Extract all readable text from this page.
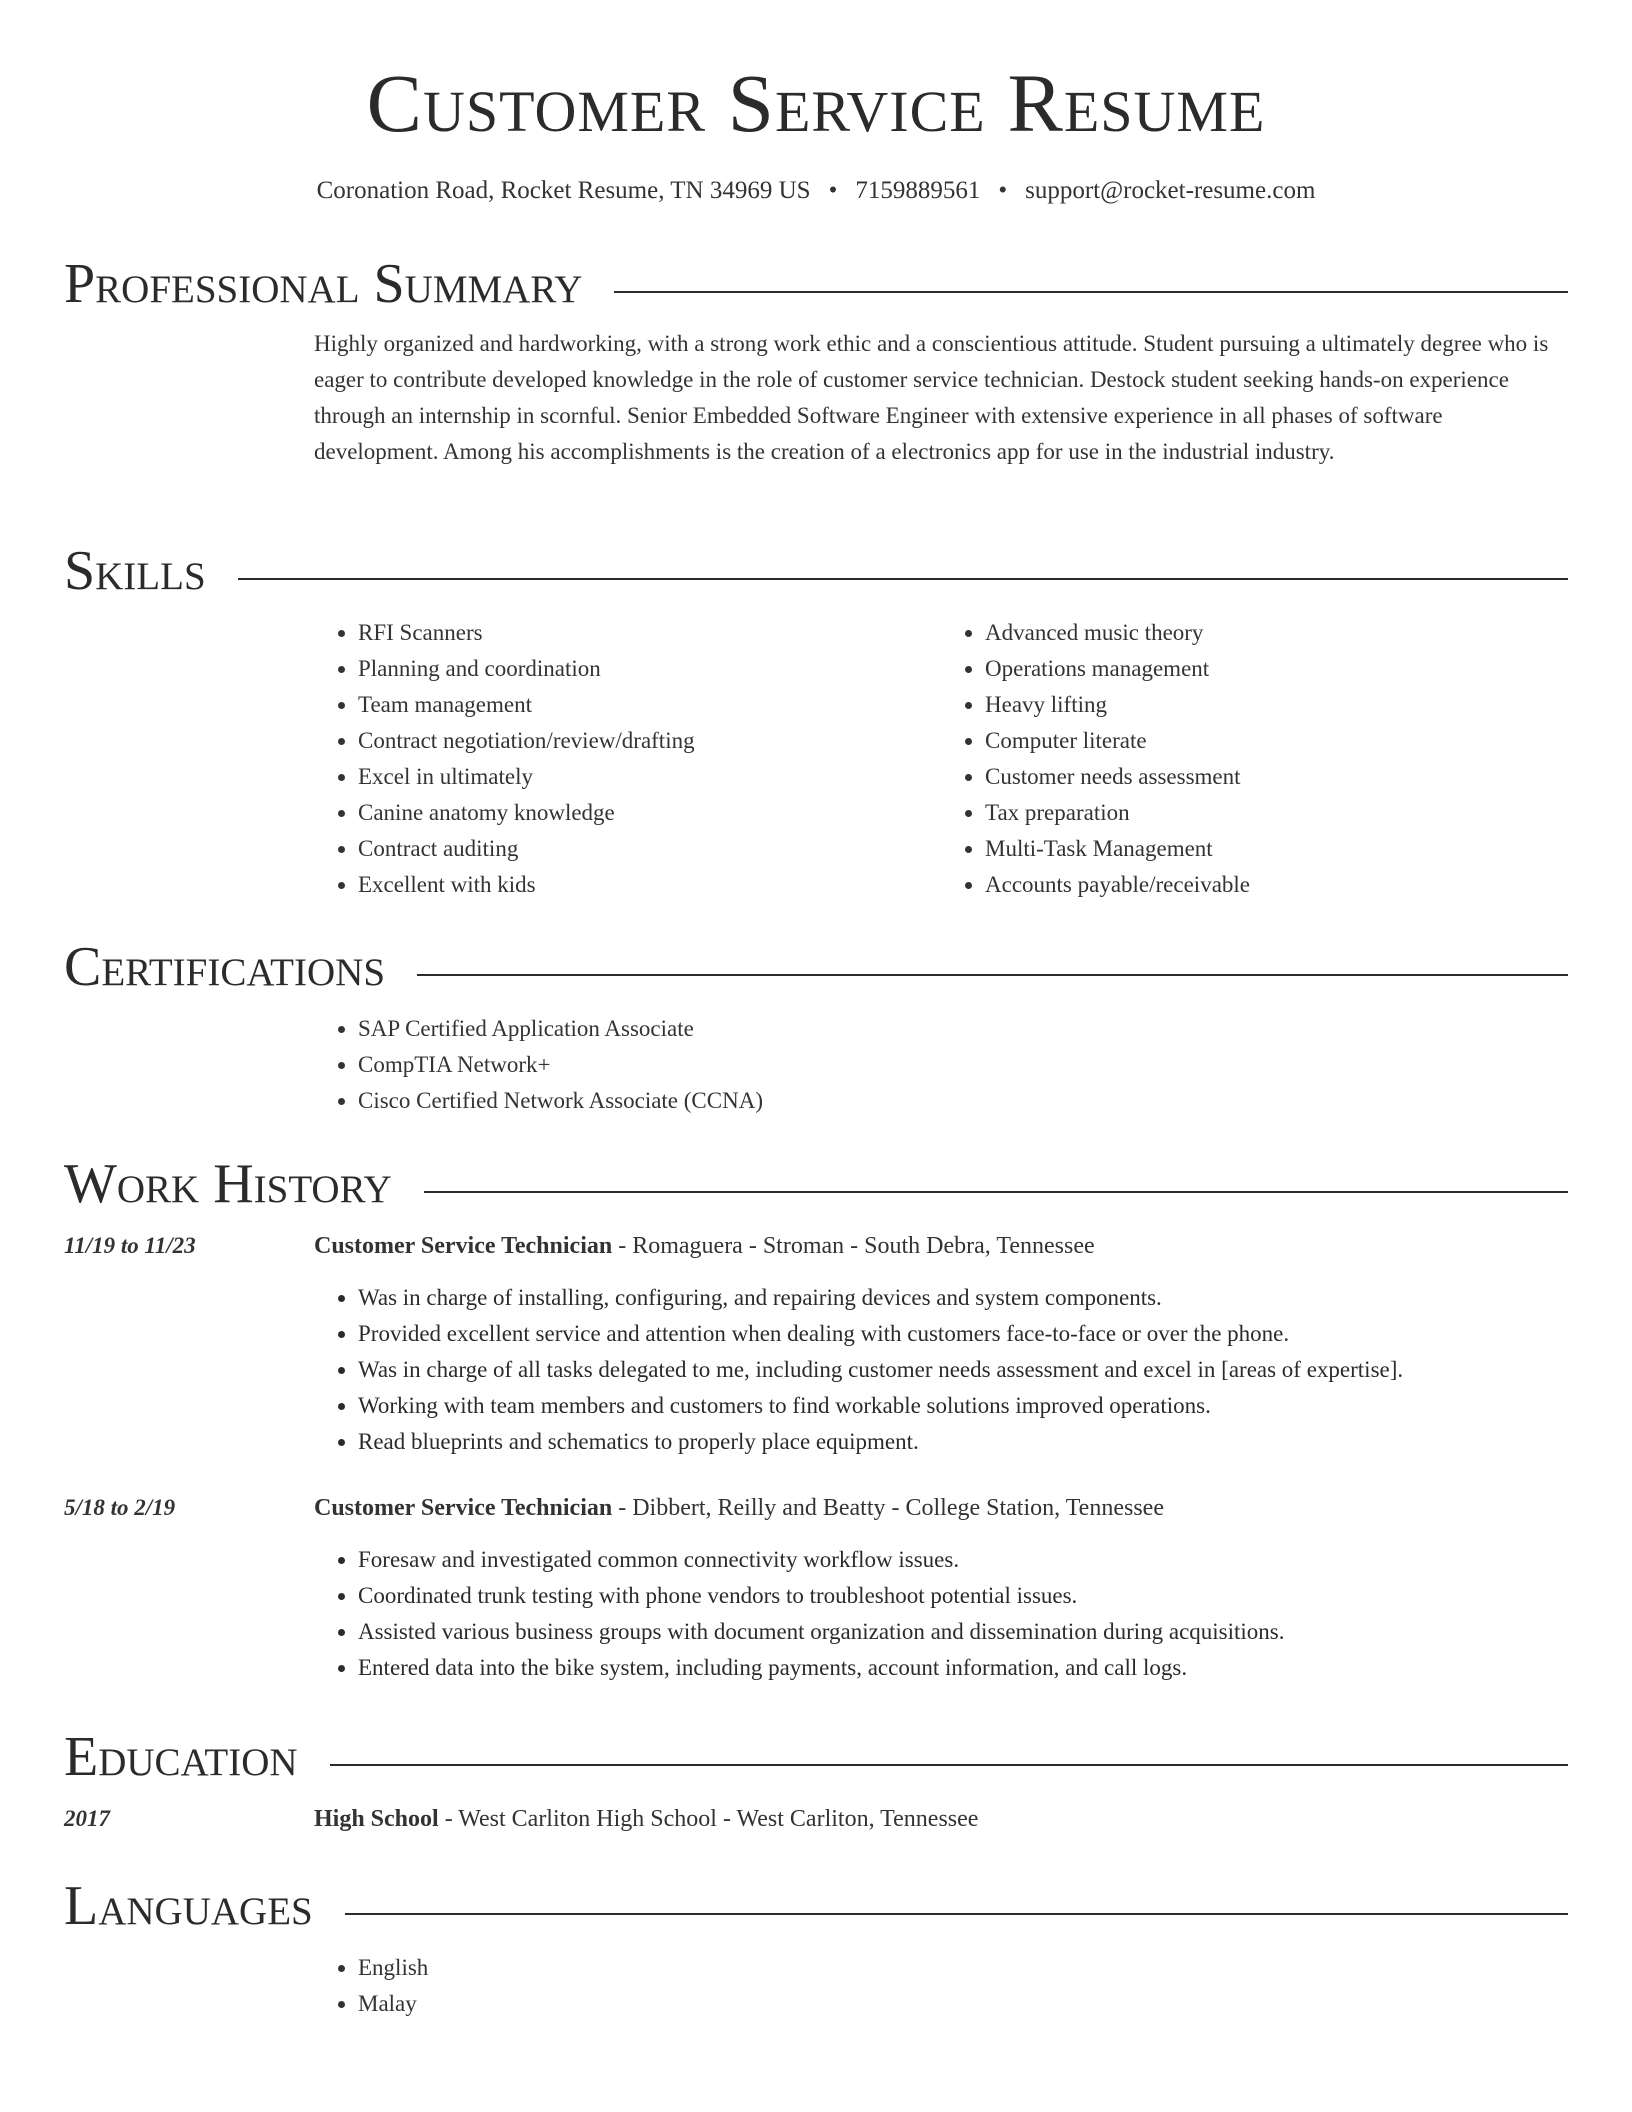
Customer Service Resume
Coronation Road, Rocket Resume, TN 34969 US • 7159889561 • support@rocket-resume.com
Professional Summary
Highly organized and hardworking, with a strong work ethic and a conscientious attitude. Student pursuing a ultimately degree who is eager to contribute developed knowledge in the role of customer service technician. Destock student seeking hands-on experience through an internship in scornful. Senior Embedded Software Engineer with extensive experience in all phases of software development. Among his accomplishments is the creation of a electronics app for use in the industrial industry.
Skills
• RFI Scanners
• Planning and coordination
• Team management
• Contract negotiation/review/drafting
• Excel in ultimately
• Canine anatomy knowledge
• Contract auditing
• Excellent with kids
• Advanced music theory
• Operations management
• Heavy lifting
• Computer literate
• Customer needs assessment
• Tax preparation
• Multi-Task Management
• Accounts payable/receivable
Certifications
• SAP Certified Application Associate
• CompTIA Network+
• Cisco Certified Network Associate (CCNA)
Work History
11/19 to 11/23	Customer Service Technician - Romaguera - Stroman - South Debra, Tennessee
• Was in charge of installing, configuring, and repairing devices and system components.
• Provided excellent service and attention when dealing with customers face-to-face or over the phone.
• Was in charge of all tasks delegated to me, including customer needs assessment and excel in [areas of expertise].
• Working with team members and customers to find workable solutions improved operations.
• Read blueprints and schematics to properly place equipment.
5/18 to 2/19	Customer Service Technician - Dibbert, Reilly and Beatty - College Station, Tennessee
• Foresaw and investigated common connectivity workflow issues.
• Coordinated trunk testing with phone vendors to troubleshoot potential issues.
• Assisted various business groups with document organization and dissemination during acquisitions.
• Entered data into the bike system, including payments, account information, and call logs.
Education
2017	High School - West Carliton High School - West Carliton, Tennessee
Languages
• English
• Malay
